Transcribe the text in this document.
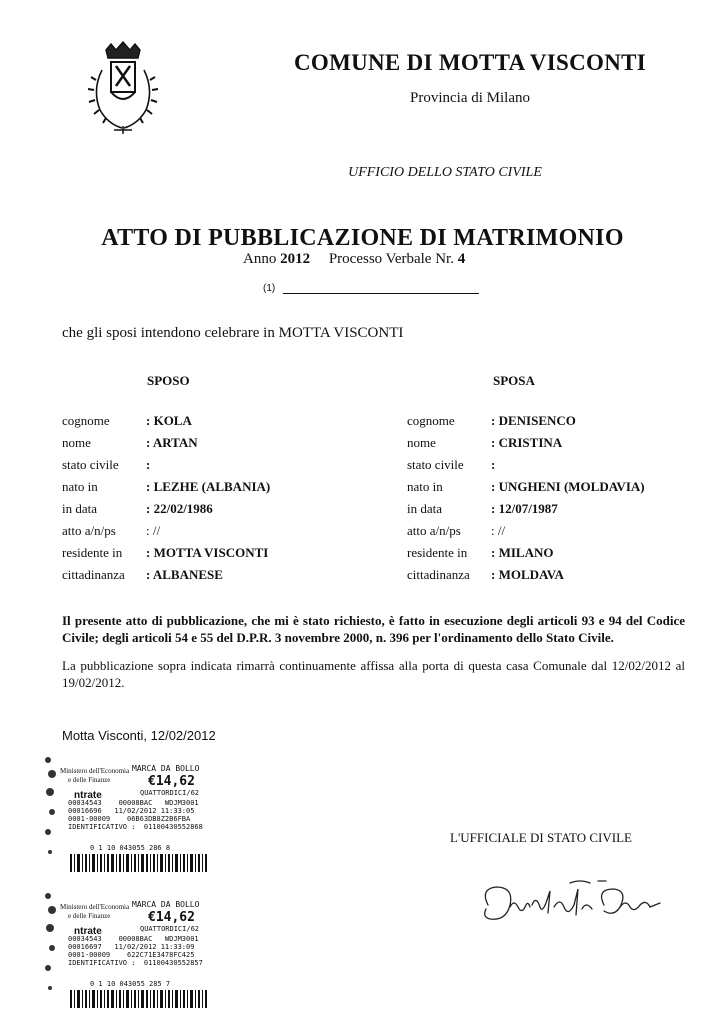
COMUNE DI MOTTA VISCONTI
Provincia di Milano
UFFICIO DELLO STATO CIVILE
ATTO DI PUBBLICAZIONE DI MATRIMONIO
Anno 2012 Processo Verbale Nr. 4
(1)
che gli sposi intendono celebrare in MOTTA VISCONTI
SPOSO
cognome	: KOLA
nome	: ARTAN
stato civile :
nato in	: LEZHE (ALBANIA)
in data	: 22/02/1986
atto a/n/ps : //
residente in : MOTTA VISCONTI
cittadinanza : ALBANESE
SPOSA
cognome	: DENISENCO
nome	: CRISTINA
stato civile :
nato in	: UNGHENI (MOLDAVIA)
in data	: 12/07/1987
atto a/n/ps : //
residente in : MILANO
cittadinanza : MOLDAVA
Il presente atto di pubblicazione, che mi è stato richiesto, è fatto in esecuzione degli articoli 93 e 94 del Codice Civile; degli articoli 54 e 55 del D.P.R. 3 novembre 2000, n. 396 per l'ordinamento dello Stato Civile.
La pubblicazione sopra indicata rimarrà continuamente affissa alla porta di questa casa Comunale dal 12/02/2012 al 19/02/2012.
Motta Visconti, 12/02/2012
L'UFFICIALE DI STATO CIVILE
Ministero dell'Economia
e delle Finanze
MARCA DA BOLLO
€14,62
QUATTORDICI/62
ntrate
00034543    00008BAC   WDJM3001
00016696   11/02/2012 11:33:05
0001-00009    06B63DB8Z2B6FBA
IDENTIFICATIVO :  01100430552868
0 1 10 043055 286 8
Ministero dell'Economia
e delle Finanze
MARCA DA BOLLO
€14,62
QUATTORDICI/62
ntrate
00034543    00008BAC   WDJM3001
00016697   11/02/2012 11:33:09
0001-00009    622C71E3478FC425
IDENTIFICATIVO :  01100430552857
0 1 10 043055 285 7
